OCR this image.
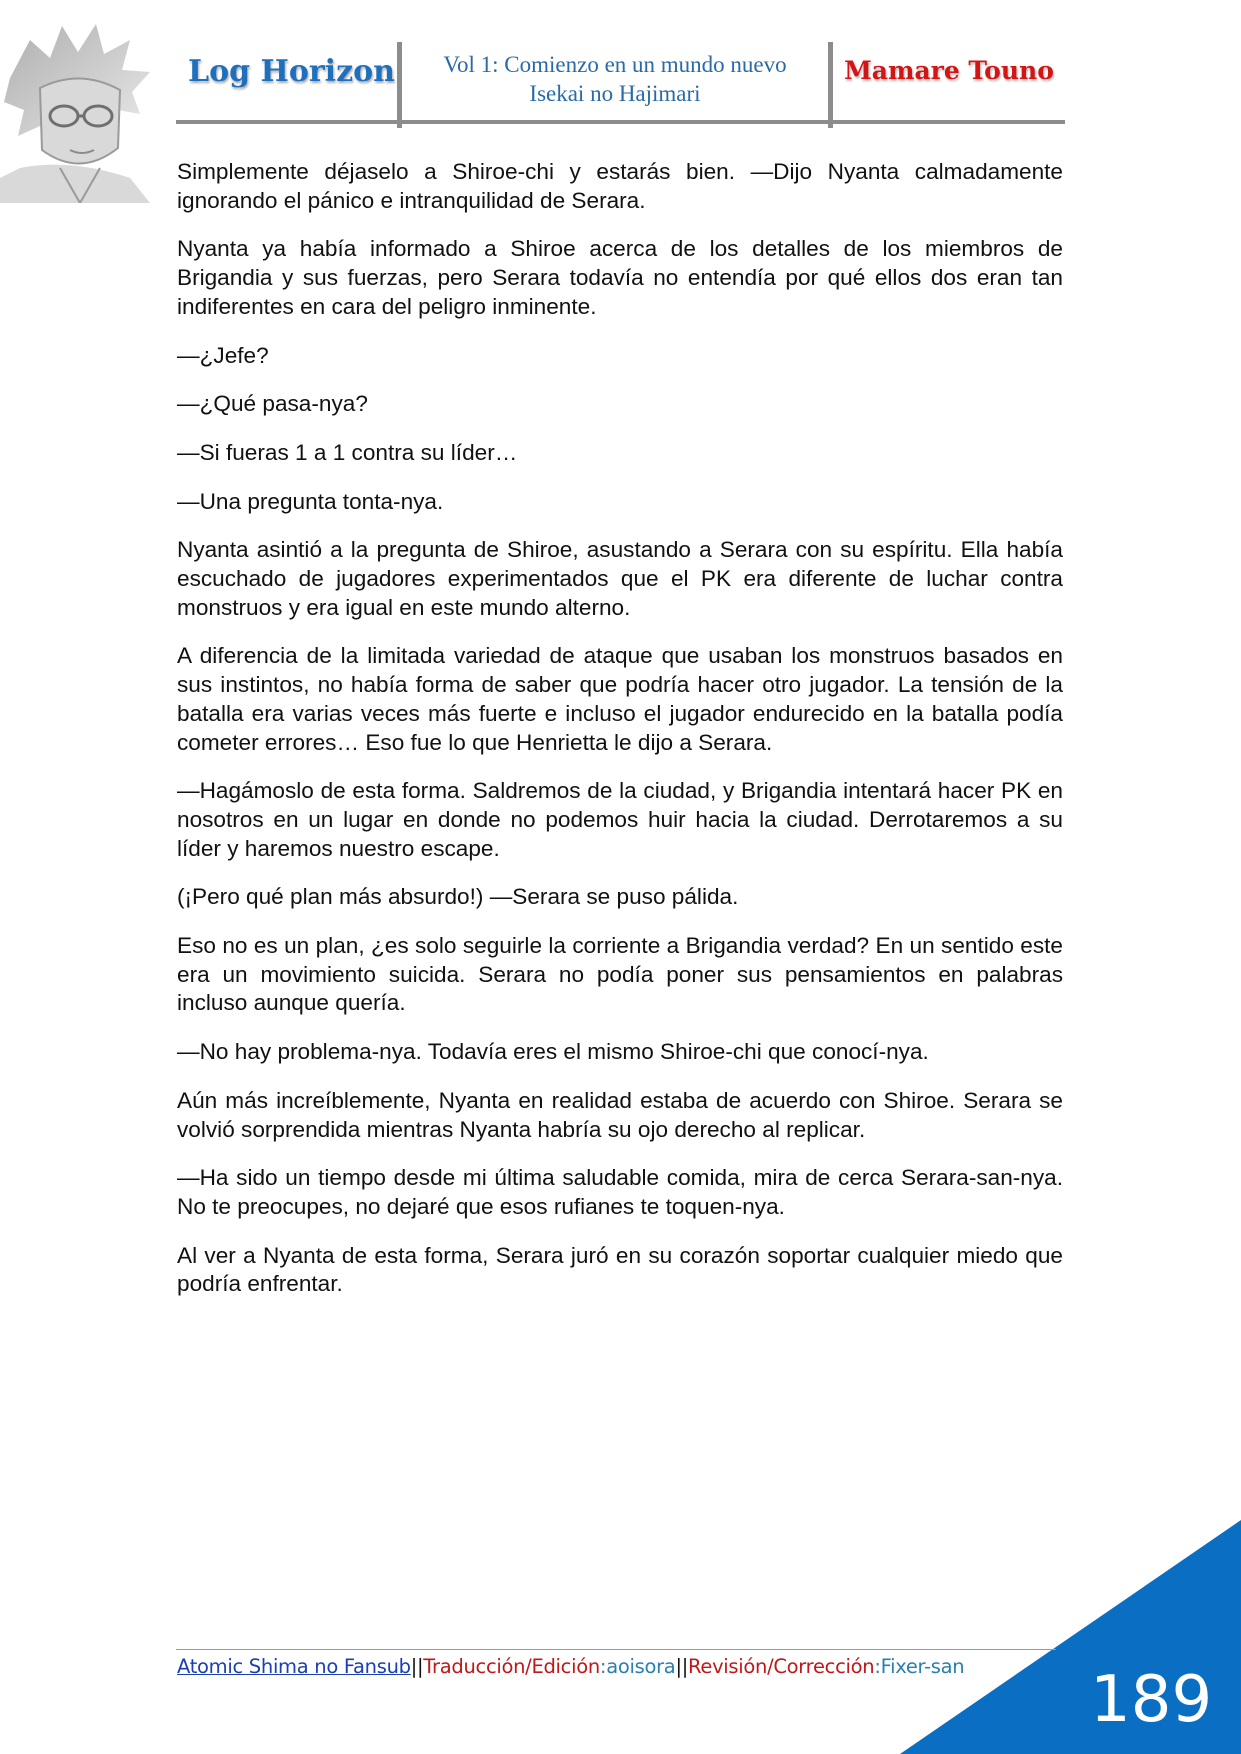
Log Horizon	Vol 1: Comienzo en un mundo nuevo
Isekai no Hajimari
Mamare Touno

Simplemente déjaselo a Shiroe-chi y estarás bien. —Dijo Nyanta calmadamente ignorando el pánico e intranquilidad de Serara.

Nyanta ya había informado a Shiroe acerca de los detalles de los miembros de Brigandia y sus fuerzas, pero Serara todavía no entendía por qué ellos dos eran tan indiferentes en cara del peligro inminente.

—¿Jefe?

—¿Qué pasa-nya?

—Si fueras 1 a 1 contra su líder…

—Una pregunta tonta-nya.

Nyanta asintió a la pregunta de Shiroe, asustando a Serara con su espíritu. Ella había escuchado de jugadores experimentados que el PK era diferente de luchar contra monstruos y era igual en este mundo alterno.

A diferencia de la limitada variedad de ataque que usaban los monstruos basados en sus instintos, no había forma de saber que podría hacer otro jugador. La tensión de la batalla era varias veces más fuerte e incluso el jugador endurecido en la batalla podía cometer errores… Eso fue lo que Henrietta le dijo a Serara.

—Hagámoslo de esta forma. Saldremos de la ciudad, y Brigandia intentará hacer PK en nosotros en un lugar en donde no podemos huir hacia la ciudad. Derrotaremos a su líder y haremos nuestro escape.

(¡Pero qué plan más absurdo!) —Serara se puso pálida.

Eso no es un plan, ¿es solo seguirle la corriente a Brigandia verdad? En un sentido este era un movimiento suicida. Serara no podía poner sus pensamientos en palabras incluso aunque quería.

—No hay problema-nya. Todavía eres el mismo Shiroe-chi que conocí-nya.

Aún más increíblemente, Nyanta en realidad estaba de acuerdo con Shiroe. Serara se volvió sorprendida mientras Nyanta habría su ojo derecho al replicar.

—Ha sido un tiempo desde mi última saludable comida, mira de cerca Serara-san-nya. No te preocupes, no dejaré que esos rufianes te toquen-nya.

Al ver a Nyanta de esta forma, Serara juró en su corazón soportar cualquier miedo que podría enfrentar.

Atomic Shima no Fansub||Traducción/Edición:aoisora||Revisión/Corrección:Fixer-san 189
